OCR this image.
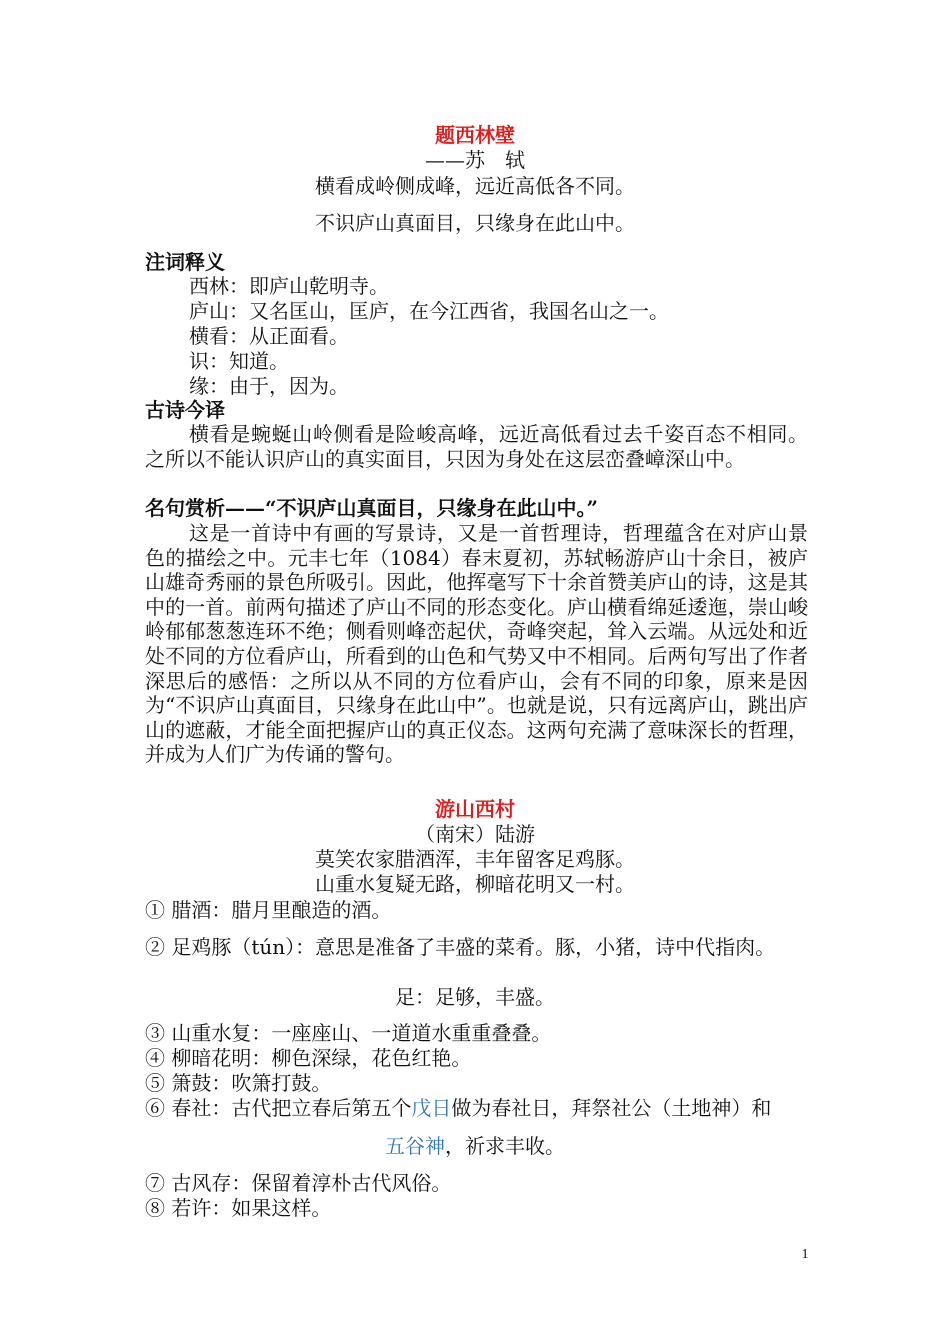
题西林壁
——苏　轼
横看成岭侧成峰，远近高低各不同。
不识庐山真面目，只缘身在此山中。
注词释义
西林：即庐山乾明寺。
庐山：又名匡山，匡庐，在今江西省，我国名山之一。
横看：从正面看。
识：知道。
缘：由于，因为。
古诗今译
横看是蜿蜒山岭侧看是险峻高峰，远近高低看过去千姿百态不相同。之所以不能认识庐山的真实面目，只因为身处在这层峦叠嶂深山中。
名句赏析——“不识庐山真面目，只缘身在此山中。”
这是一首诗中有画的写景诗，又是一首哲理诗，哲理蕴含在对庐山景色的描绘之中。元丰七年（1084）春末夏初，苏轼畅游庐山十余日，被庐山雄奇秀丽的景色所吸引。因此，他挥毫写下十余首赞美庐山的诗，这是其中的一首。前两句描述了庐山不同的形态变化。庐山横看绵延逶迤，崇山峻岭郁郁葱葱连环不绝；侧看则峰峦起伏，奇峰突起，耸入云端。从远处和近处不同的方位看庐山，所看到的山色和气势又中不相同。后两句写出了作者深思后的感悟：之所以从不同的方位看庐山，会有不同的印象，原来是因为“不识庐山真面目，只缘身在此山中”。也就是说，只有远离庐山，跳出庐山的遮蔽，才能全面把握庐山的真正仪态。这两句充满了意味深长的哲理，并成为人们广为传诵的警句。
游山西村
（南宋）陆游
莫笑农家腊酒浑，丰年留客足鸡豚。
山重水复疑无路，柳暗花明又一村。
① 腊酒：腊月里酿造的酒。
② 足鸡豚（tún）：意思是准备了丰盛的菜肴。豚，小猪，诗中代指肉。
足：足够，丰盛。
③ 山重水复：一座座山、一道道水重重叠叠。
④ 柳暗花明：柳色深绿，花色红艳。
⑤ 箫鼓：吹箫打鼓。
⑥ 春社：古代把立春后第五个戊日做为春社日，拜祭社公（土地神）和
五谷神，祈求丰收。
⑦ 古风存：保留着淳朴古代风俗。
⑧ 若许：如果这样。
1
